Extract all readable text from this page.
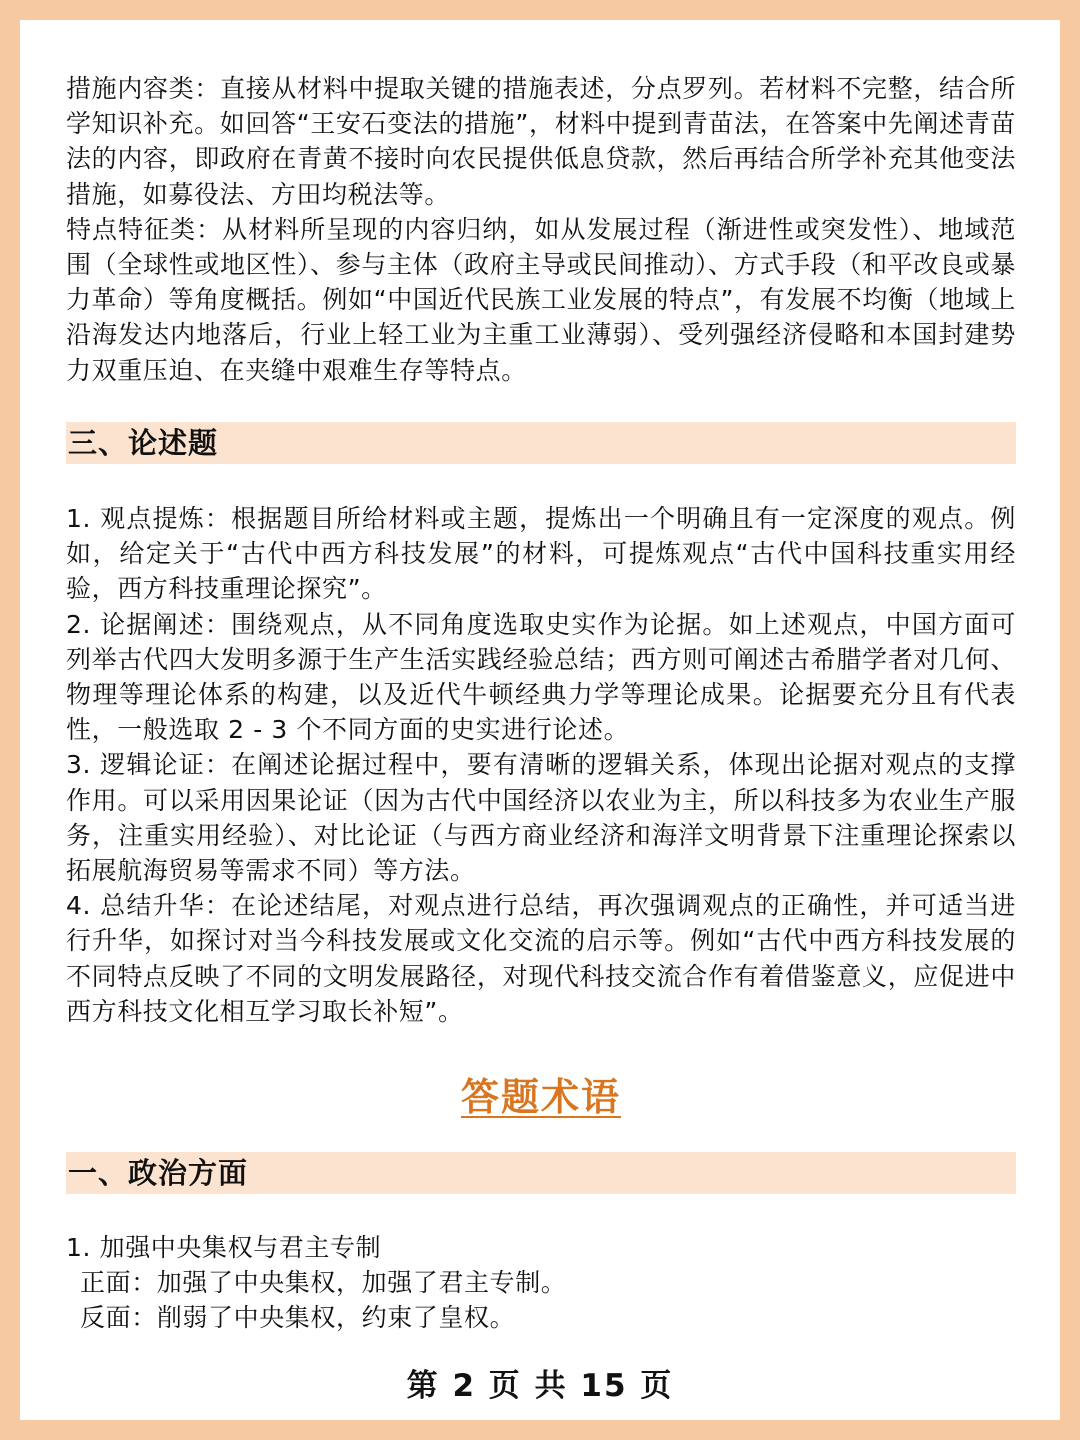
措施内容类：直接从材料中提取关键的措施表述，分点罗列。若材料不完整，结合所学知识补充。如回答“王安石变法的措施”，材料中提到青苗法，在答案中先阐述青苗法的内容，即政府在青黄不接时向农民提供低息贷款，然后再结合所学补充其他变法措施，如募役法、方田均税法等。

特点特征类：从材料所呈现的内容归纳，如从发展过程（渐进性或突发性）、地域范围（全球性或地区性）、参与主体（政府主导或民间推动）、方式手段（和平改良或暴力革命）等角度概括。例如“中国近代民族工业发展的特点”，有发展不均衡（地域上沿海发达内地落后，行业上轻工业为主重工业薄弱）、受列强经济侵略和本国封建势力双重压迫、在夹缝中艰难生存等特点。

三、论述题

1. 观点提炼：根据题目所给材料或主题，提炼出一个明确且有一定深度的观点。例如，给定关于“古代中西方科技发展”的材料，可提炼观点“古代中国科技重实用经验，西方科技重理论探究”。

2. 论据阐述：围绕观点，从不同角度选取史实作为论据。如上述观点，中国方面可列举古代四大发明多源于生产生活实践经验总结；西方则可阐述古希腊学者对几何、物理等理论体系的构建，以及近代牛顿经典力学等理论成果。论据要充分且有代表性，一般选取 2 - 3 个不同方面的史实进行论述。

3. 逻辑论证：在阐述论据过程中，要有清晰的逻辑关系，体现出论据对观点的支撑作用。可以采用因果论证（因为古代中国经济以农业为主，所以科技多为农业生产服务，注重实用经验）、对比论证（与西方商业经济和海洋文明背景下注重理论探索以拓展航海贸易等需求不同）等方法。

4. 总结升华：在论述结尾，对观点进行总结，再次强调观点的正确性，并可适当进行升华，如探讨对当今科技发展或文化交流的启示等。例如“古代中西方科技发展的不同特点反映了不同的文明发展路径，对现代科技交流合作有着借鉴意义，应促进中西方科技文化相互学习取长补短”。

答题术语
一、政治方面

1. 加强中央集权与君主专制

正面：加强了中央集权，加强了君主专制。

反面：削弱了中央集权，约束了皇权。

第 2 页 共 15 页
